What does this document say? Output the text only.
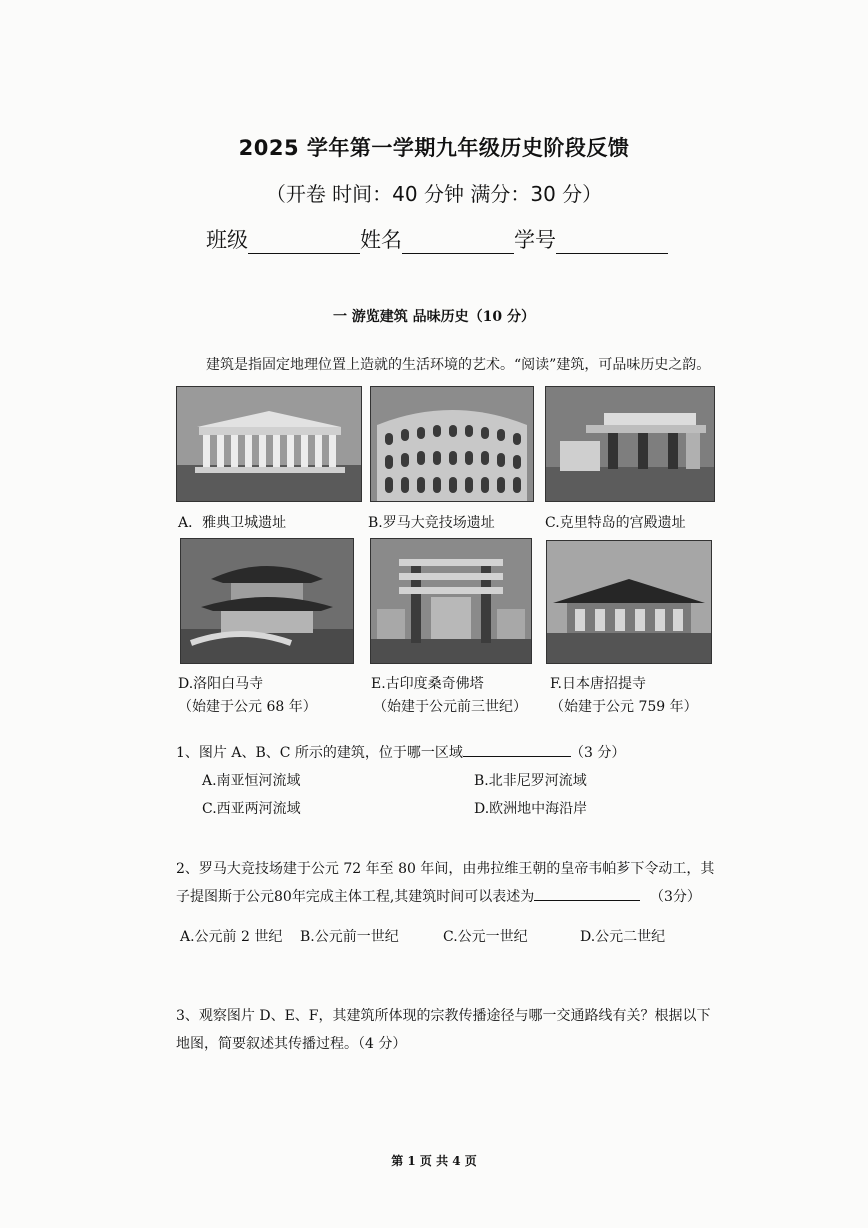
2025 学年第一学期九年级历史阶段反馈
（开卷 时间：40 分钟 满分：30 分）
班级	姓名	学号
一 游览建筑 品味历史（10 分）
建筑是指固定地理位置上造就的生活环境的艺术。“阅读”建筑，可品味历史之韵。
A．雅典卫城遗址	B.罗马大竞技场遗址	C.克里特岛的宫殿遗址
D.洛阳白马寺	E.古印度桑奇佛塔	F.日本唐招提寺
（始建于公元 68 年）	（始建于公元前三世纪） （始建于公元 759 年）
1、图片 A、B、C 所示的建筑，位于哪一区域	（3 分）
A.南亚恒河流域	B.北非尼罗河流域
C.西亚两河流域	D.欧洲地中海沿岸
2、罗马大竞技场建于公元 72 年至 80 年间，由弗拉维王朝的皇帝韦帕芗下令动工，其
子提图斯于公元80年完成主体工程,其建筑时间可以表述为	（3分）
A.公元前 2 世纪 B.公元前一世纪	C.公元一世纪	D.公元二世纪
3、观察图片 D、E、F，其建筑所体现的宗教传播途径与哪一交通路线有关？根据以下
地图，简要叙述其传播过程。（4 分）
第 1 页 共 4 页
